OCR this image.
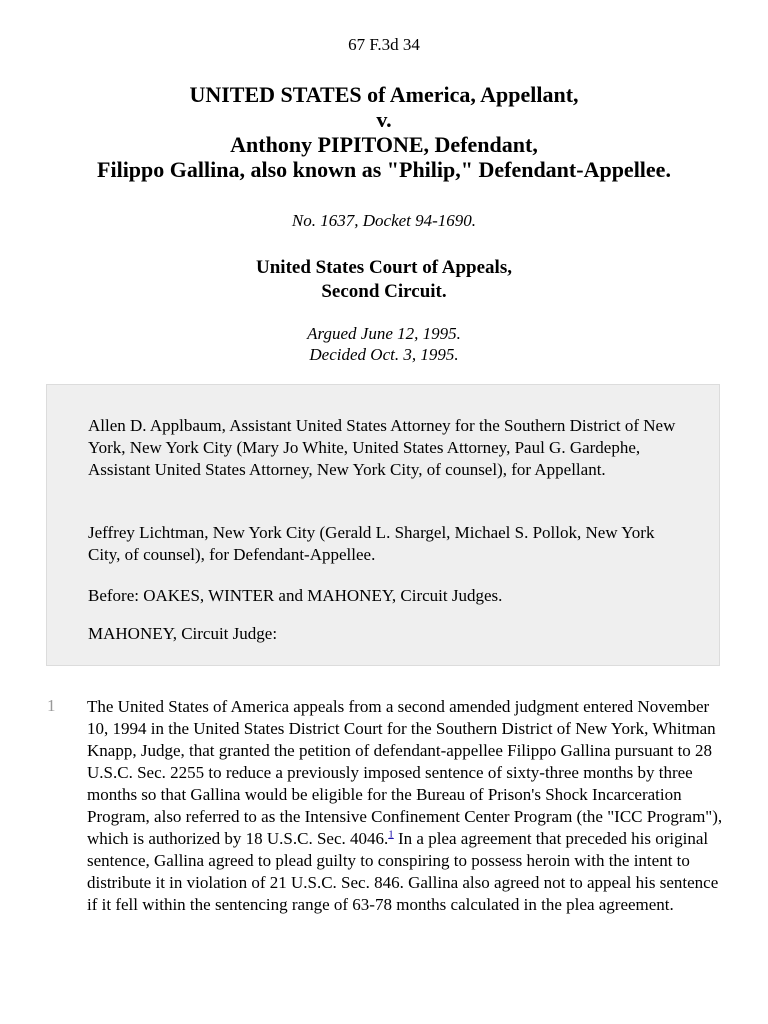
67 F.3d 34
UNITED STATES of America, Appellant,
v.
Anthony PIPITONE, Defendant,
Filippo Gallina, also known as "Philip," Defendant-Appellee.
No. 1637, Docket 94-1690.
United States Court of Appeals,
Second Circuit.
Argued June 12, 1995.
Decided Oct. 3, 1995.

Allen D. Applbaum, Assistant United States Attorney for the Southern District of New York, New York City (Mary Jo White, United States Attorney, Paul G. Gardephe, Assistant United States Attorney, New York City, of counsel), for Appellant.

Jeffrey Lichtman, New York City (Gerald L. Shargel, Michael S. Pollok, New York City, of counsel), for Defendant-Appellee.

Before: OAKES, WINTER and MAHONEY, Circuit Judges.

MAHONEY, Circuit Judge:

1 The United States of America appeals from a second amended judgment entered November 10, 1994 in the United States District Court for the Southern District of New York, Whitman Knapp, Judge, that granted the petition of defendant-appellee Filippo Gallina pursuant to 28 U.S.C. Sec. 2255 to reduce a previously imposed sentence of sixty-three months by three months so that Gallina would be eligible for the Bureau of Prison's Shock Incarceration Program, also referred to as the Intensive Confinement Center Program (the "ICC Program"), which is authorized by 18 U.S.C. Sec. 4046.$^1$ In a plea agreement that preceded his original sentence, Gallina agreed to plead guilty to conspiring to possess heroin with the intent to distribute it in violation of 21 U.S.C. Sec. 846. Gallina also agreed not to appeal his sentence if it fell within the sentencing range of 63-78 months calculated in the plea agreement.
